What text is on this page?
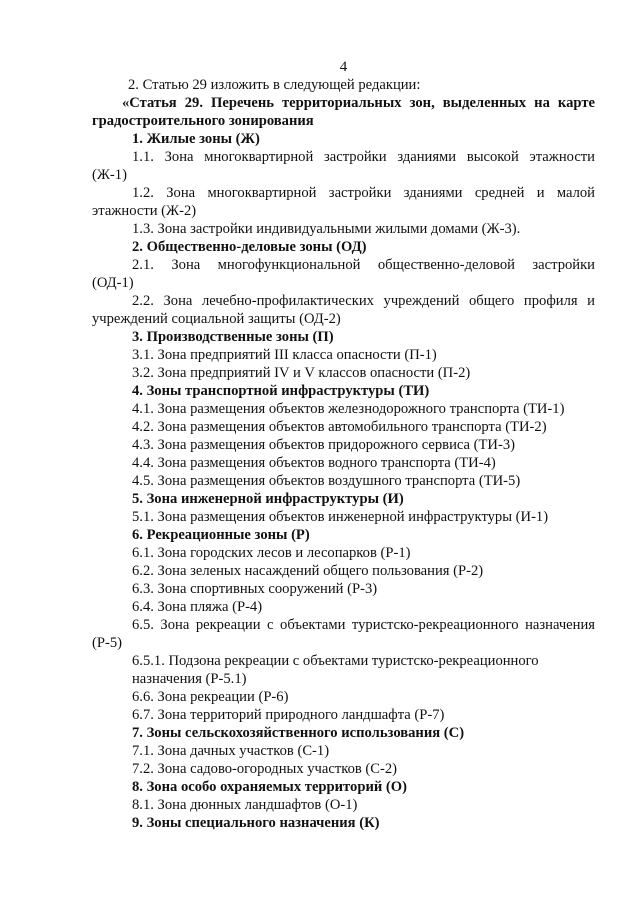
4
2. Статью 29 изложить в следующей редакции:
«Статья 29. Перечень территориальных зон, выделенных на карте
градостроительного зонирования
1. Жилые зоны (Ж)
1.1. Зона многоквартирной застройки зданиями высокой этажности
(Ж-1)
1.2. Зона многоквартирной застройки зданиями средней и малой
этажности (Ж-2)
1.3. Зона застройки индивидуальными жилыми домами (Ж-3).
2. Общественно-деловые зоны (ОД)
2.1. Зона многофункциональной общественно-деловой застройки
(ОД-1)
2.2. Зона лечебно-профилактических учреждений общего профиля и
учреждений социальной защиты (ОД-2)
3. Производственные зоны (П)
3.1. Зона предприятий III класса опасности (П-1)
3.2. Зона предприятий IV и V классов опасности (П-2)
4. Зоны транспортной инфраструктуры (ТИ)
4.1. Зона размещения объектов железнодорожного транспорта (ТИ-1)
4.2. Зона размещения объектов автомобильного транспорта (ТИ-2)
4.3. Зона размещения объектов придорожного сервиса (ТИ-3)
4.4. Зона размещения объектов водного транспорта (ТИ-4)
4.5. Зона размещения объектов воздушного транспорта (ТИ-5)
5. Зона инженерной инфраструктуры (И)
5.1. Зона размещения объектов инженерной инфраструктуры (И-1)
6. Рекреационные зоны (Р)
6.1. Зона городских лесов и лесопарков (Р-1)
6.2. Зона зеленых насаждений общего пользования (Р-2)
6.3. Зона спортивных сооружений (Р-3)
6.4. Зона пляжа (Р-4)
6.5. Зона рекреации с объектами туристско-рекреационного назначения
(Р-5)
6.5.1. Подзона рекреации с объектами туристско-рекреационного
назначения (Р-5.1)
6.6. Зона рекреации (Р-6)
6.7. Зона территорий природного ландшафта (Р-7)
7. Зоны сельскохозяйственного использования (С)
7.1. Зона дачных участков (С-1)
7.2. Зона садово-огородных участков (С-2)
8. Зона особо охраняемых территорий (О)
8.1. Зона дюнных ландшафтов (О-1)
9. Зоны специального назначения (К)
